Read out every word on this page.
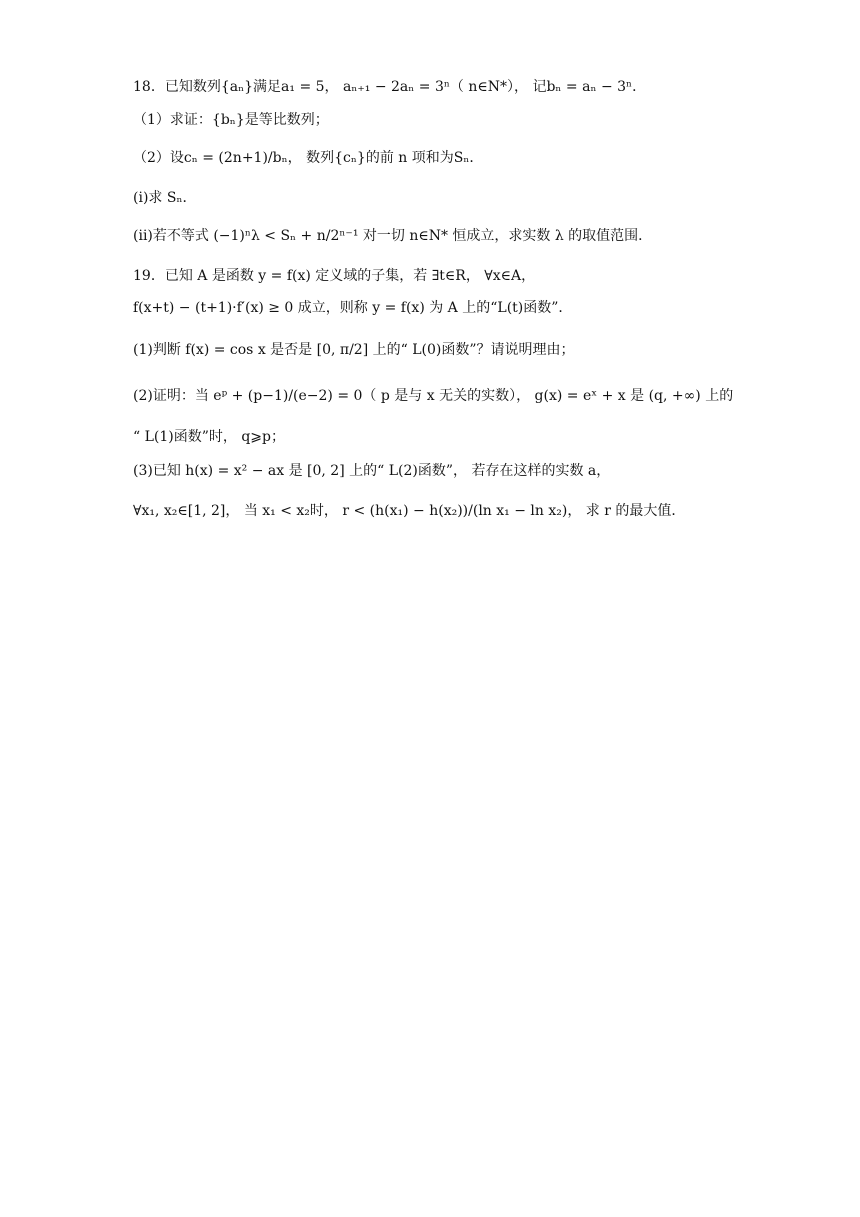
18．已知数列{aₙ}满足a₁ = 5， aₙ₊₁ − 2aₙ = 3ⁿ（ n∈N*）， 记bₙ = aₙ − 3ⁿ．
（1）求证：{bₙ}是等比数列；
（2）设cₙ = (2n+1)/bₙ， 数列{cₙ}的前 n 项和为Sₙ．
(ⅰ)求 Sₙ．
(ⅱ)若不等式 (−1)ⁿλ < Sₙ + n/2ⁿ⁻¹ 对一切 n∈N* 恒成立，求实数 λ 的取值范围．
19．已知 A 是函数 y = f(x) 定义域的子集，若 ∃t∈R， ∀x∈A，
f(x+t) − (t+1)·f′(x) ≥ 0 成立，则称 y = f(x) 为 A 上的“L(t)函数”．
(1)判断 f(x) = cos x 是否是 [0, π/2] 上的“ L(0)函数”？请说明理由；
(2)证明：当 eᵖ + (p−1)/(e−2) = 0（ p 是与 x 无关的实数）， g(x) = eˣ + x 是 (q, +∞) 上的
“ L(1)函数”时， q⩾p；
(3)已知 h(x) = x² − ax 是 [0, 2] 上的“ L(2)函数”， 若存在这样的实数 a，
∀x₁, x₂∈[1, 2]， 当 x₁ < x₂时， r < (h(x₁) − h(x₂))/(ln x₁ − ln x₂)， 求 r 的最大值．
